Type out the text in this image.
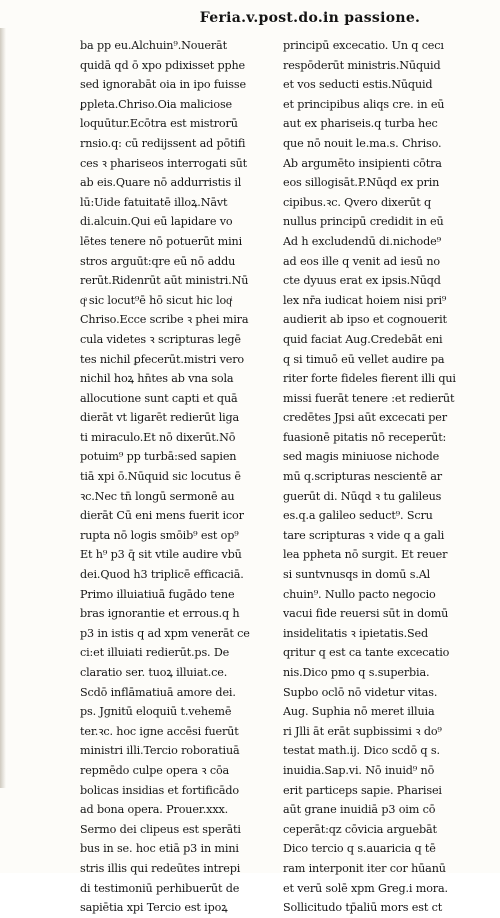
Feria.v.post.do.in passione.
ba pp eu.Alchuin⁹.Nouerāt
quidā qd ō xpo pdixisset pphe
sed ignorabāt oia in ipo fuisse
ꝑpleta.Chriso.Oia maliciose
loquūtur.Ecōtra est mistrorū
rnsio.q: cū redijssent ad pōtifi
ces ꝛ phariseos interrogati sūt
ab eis.Quare nō addurristis il
lū:Uide fatuitatē illoꝝ.Nāvt
di.alcuin.Qui eū lapidare vo
lētes tenere nō potuerūt mini
stros arguūt:qre eū nō addu
rerūt.Ridenrūt aūt ministri.Nū
qͣ sic locut⁹ē hō sicut hic loqͥ
Chriso.Ecce scribe ꝛ phei mira
cula videtes ꝛ scripturas legē
tes nichil ꝑfecerūt.mistri vero
nichil hoꝝ hn̄tes ab vna sola
allocutione sunt capti et quā
dierāt vt ligarēt redierūt liga
ti miraculo.Et nō dixerūt.Nō
potuim⁹ pp turbā:sed sapien
tiā xpi ō.Nūquid sic locutus ē
ꝛc.Nec tn̄ longū sermonē au
dierāt Cū eni mens fuerit icor
rupta nō logis smōib⁹ est op⁹
Et h⁹ p3 q̄ sit vtile audire vbū
dei.Quod h3 triplicē efficaciā.
Primo illuiatiuā fugādo tene
bras ignorantie et errous.q h
p3 in istis q ad xpm venerāt ce
ci:et illuiati redierūt.ps. De
claratio ser. tuoꝝ illuiat.ce.
Scdō inflāmatiuā amore dei.
ps. Jgnitū eloquiū t.vehemē
ter.ꝛc. hoc igne accēsi fuerūt
ministri illi.Tercio roboratiuā
repmēdo culpe opera ꝛ cōa
bolicas insidias et fortificādo
ad bona opera. Prouer.xxx.
Sermo dei clipeus est sperāti
bus in se. hoc etiā p3 in mini
stris illis qui redeūtes intrepi
di testimoniū perhibuerūt de
sapiētia xpi Tercio est ipoꝝ
principū excecatio. Un q cecı
respōderūt ministris.Nūquid
et vos seducti estis.Nūquid
et principibus aliqs cre. in eū
aut ex phariseis.q turba hec
que nō nouit le.ma.s. Chriso.
Ab argumēto insipienti cōtra
eos sillogisāt.P.Nūqd ex prin
cipibus.ꝛc. Qvero dixerūt q
nullus principū credidit in eū
Ad h excludendū di.nichode⁹
ad eos ille q venit ad iesū no
cte dyuus erat ex ipsis.Nūqd
lex nr̄a iudicat hoiem nisi pri⁹
audierit ab ipso et cognouerit
quid faciat Aug.Credebāt eni
q si timuō eū vellet audire pa
riter forte fideles fierent illi qui
missi fuerāt tenere :et redierūt
credētes Jpsi aūt excecati per
fuasionē pitatis nō receperūt:
sed magis miniuose nichode
mū q.scripturas nescientē ar
guerūt di. Nūqd ꝛ tu galileus
es.q.a galileo seduct⁹. Scru
tare scripturas ꝛ vide q a gali
lea ppheta nō surgit. Et reuer
si suntvnusqs in domū s.Al
chuin⁹. Nullo pacto negocio
vacui fide reuersi sūt in domū
insidelitatis ꝛ ipietatis.Sed
qritur q est ca tante excecatio
nis.Dico pmo q s.superbia.
Supbo oclō nō videtur vitas.
Aug. Suphia nō meret illuia
ri Jlli āt erāt supbissimi ꝛ do⁹
testat math.ij. Dico scdō q s.
inuidia.Sap.vi. Nō inuid⁹ nō
erit particeps sapie. Pharisei
aūt grane inuidiā p3 oim cō
ceperāt:qz cōvicia arguebāt
Dico tercio q s.auaricia q tē
ram interponit iter cor hūanū
et verū solē xpm Greg.i mora.
Sollicitudo tp̄aliū mors est ct
